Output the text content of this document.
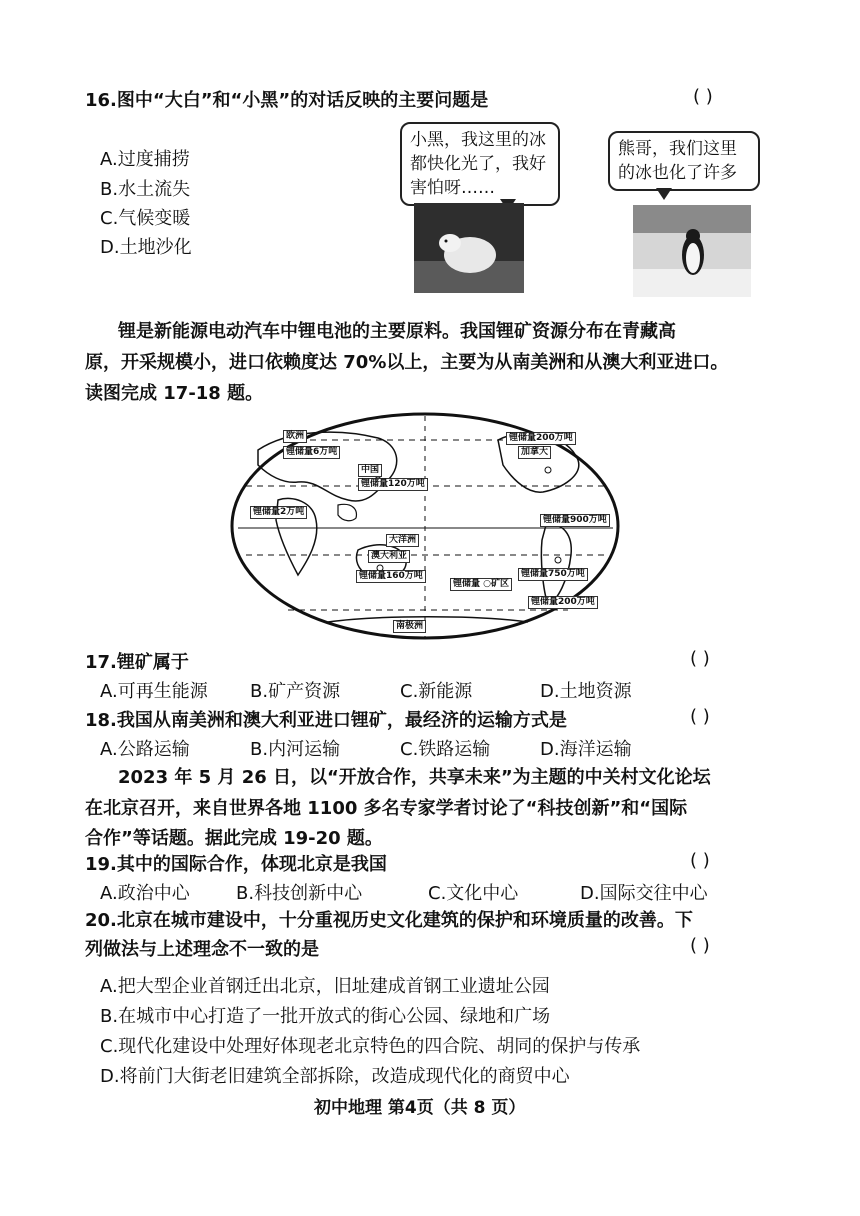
16.图中“大白”和“小黑”的对话反映的主要问题是	( )
A.过度捕捞
B.水土流失
C.气候变暖
D.土地沙化
小黑，我这里的冰都快化光了，我好害怕呀……
熊哥，我们这里的冰也化了许多
锂是新能源电动汽车中锂电池的主要原料。我国锂矿资源分布在青藏高
原，开采规模小，进口依赖度达 70%以上，主要为从南美洲和从澳大利亚进口。
读图完成 17-18 题。
欧洲
锂储量6万吨
锂储量2万吨
锂储量200万吨
加拿大
中国
锂储量120万吨
锂储量900万吨
大洋洲
澳大利亚
锂储量160万吨	锂储量750万吨
锂储量200万吨
南极洲
锂储量 ○矿区
17.锂矿属于	( )
A.可再生能源 B.矿产资源	C.新能源	D.土地资源
18.我国从南美洲和澳大利亚进口锂矿，最经济的运输方式是	( )
A.公路运输	B.内河运输	C.铁路运输	D.海洋运输
2023 年 5 月 26 日，以“开放合作，共享未来”为主题的中关村文化论坛
在北京召开，来自世界各地 1100 多名专家学者讨论了“科技创新”和“国际
合作”等话题。据此完成 19-20 题。
19.其中的国际合作，体现北京是我国	( )
A.政治中心	B.科技创新中心	C.文化中心	D.国际交往中心
20.北京在城市建设中，十分重视历史文化建筑的保护和环境质量的改善。下
列做法与上述理念不一致的是	( )
A.把大型企业首钢迁出北京，旧址建成首钢工业遗址公园
B.在城市中心打造了一批开放式的街心公园、绿地和广场
C.现代化建设中处理好体现老北京特色的四合院、胡同的保护与传承
D.将前门大街老旧建筑全部拆除，改造成现代化的商贸中心
初中地理 第4页（共 8 页）
